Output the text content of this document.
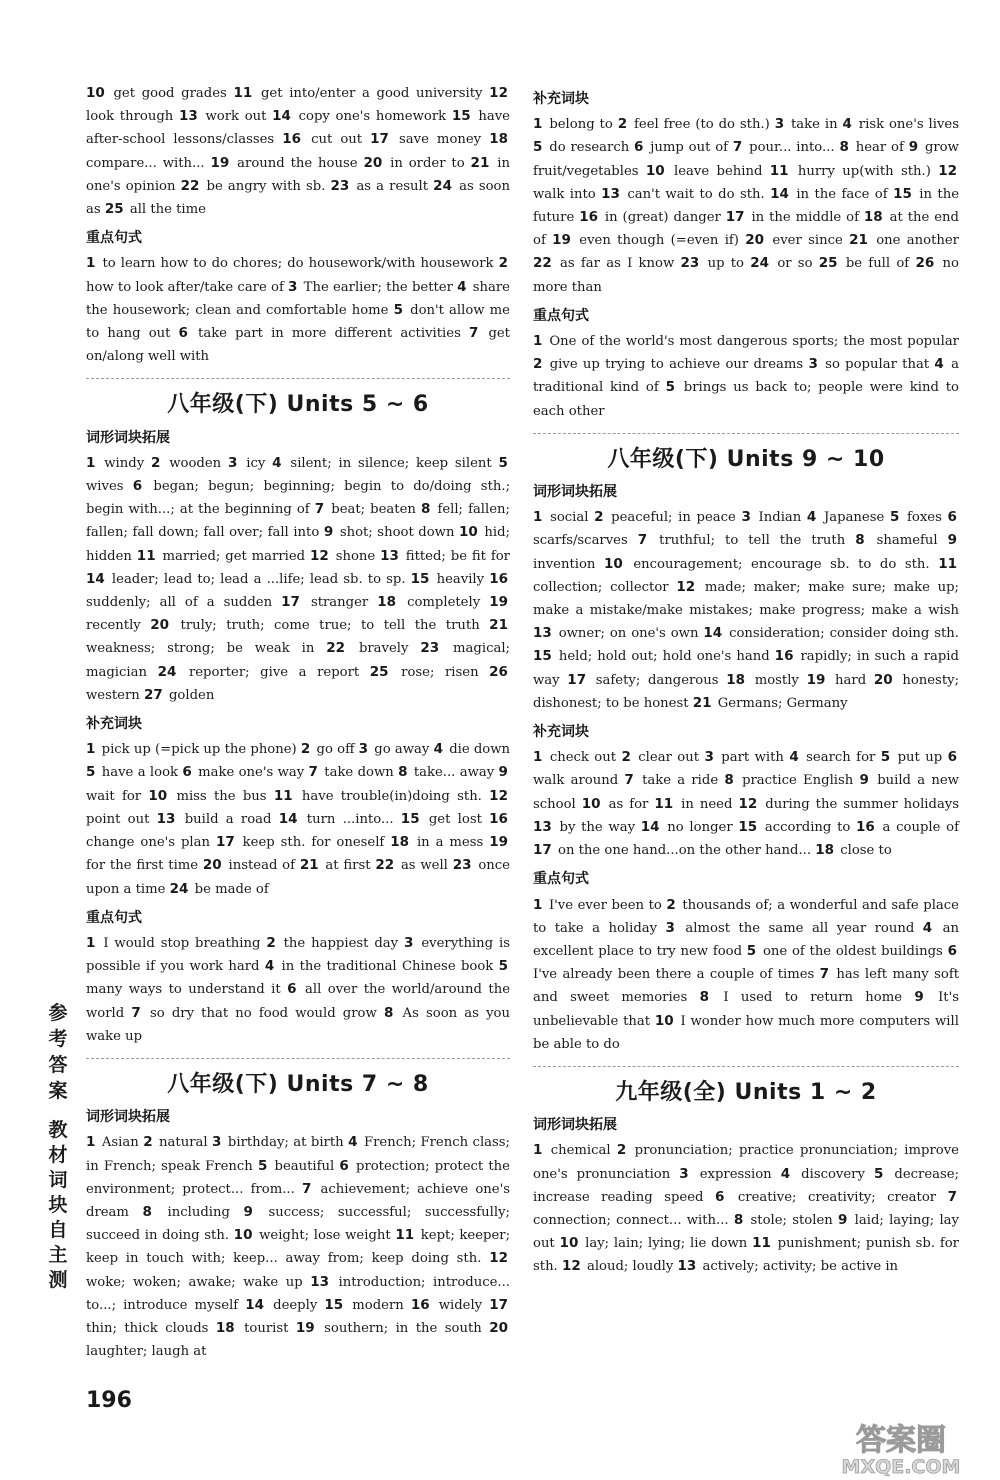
10 get good grades 11 get into/enter a good university 12 look through 13 work out 14 copy one's homework 15 have after-school lessons/classes 16 cut out 17 save money 18 compare... with... 19 around the house 20 in order to 21 in one's opinion 22 be angry with sb. 23 as a result 24 as soon as 25 all the time
重点句式
1 to learn how to do chores; do housework/with housework 2 how to look after/take care of 3 The earlier; the better 4 share the housework; clean and comfortable home 5 don't allow me to hang out 6 take part in more different activities 7 get on/along well with
八年级(下) Units 5 ~ 6
词形词块拓展
1 windy 2 wooden 3 icy 4 silent; in silence; keep silent 5 wives 6 began; begun; beginning; begin to do/doing sth.; begin with...; at the beginning of 7 beat; beaten 8 fell; fallen; fallen; fall down; fall over; fall into 9 shot; shoot down 10 hid; hidden 11 married; get married 12 shone 13 fitted; be fit for 14 leader; lead to; lead a ...life; lead sb. to sp. 15 heavily 16 suddenly; all of a sudden 17 stranger 18 completely 19 recently 20 truly; truth; come true; to tell the truth 21 weakness; strong; be weak in 22 bravely 23 magical; magician 24 reporter; give a report 25 rose; risen 26 western 27 golden
补充词块
1 pick up (=pick up the phone) 2 go off 3 go away 4 die down 5 have a look 6 make one's way 7 take down 8 take... away 9 wait for 10 miss the bus 11 have trouble(in)doing sth. 12 point out 13 build a road 14 turn ...into... 15 get lost 16 change one's plan 17 keep sth. for oneself 18 in a mess 19 for the first time 20 instead of 21 at first 22 as well 23 once upon a time 24 be made of
重点句式
1 I would stop breathing 2 the happiest day 3 everything is possible if you work hard 4 in the traditional Chinese book 5 many ways to understand it 6 all over the world/around the world 7 so dry that no food would grow 8 As soon as you wake up
八年级(下) Units 7 ~ 8
词形词块拓展
1 Asian 2 natural 3 birthday; at birth 4 French; French class; in French; speak French 5 beautiful 6 protection; protect the environment; protect... from... 7 achievement; achieve one's dream 8 including 9 success; successful; successfully; succeed in doing sth. 10 weight; lose weight 11 kept; keeper; keep in touch with; keep... away from; keep doing sth. 12 woke; woken; awake; wake up 13 introduction; introduce... to...; introduce myself 14 deeply 15 modern 16 widely 17 thin; thick clouds 18 tourist 19 southern; in the south 20 laughter; laugh at
补充词块
1 belong to 2 feel free (to do sth.) 3 take in 4 risk one's lives 5 do research 6 jump out of 7 pour... into... 8 hear of 9 grow fruit/vegetables 10 leave behind 11 hurry up(with sth.) 12 walk into 13 can't wait to do sth. 14 in the face of 15 in the future 16 in (great) danger 17 in the middle of 18 at the end of 19 even though (=even if) 20 ever since 21 one another 22 as far as I know 23 up to 24 or so 25 be full of 26 no more than
重点句式
1 One of the world's most dangerous sports; the most popular 2 give up trying to achieve our dreams 3 so popular that 4 a traditional kind of 5 brings us back to; people were kind to each other
八年级(下) Units 9 ~ 10
词形词块拓展
1 social 2 peaceful; in peace 3 Indian 4 Japanese 5 foxes 6 scarfs/scarves 7 truthful; to tell the truth 8 shameful 9 invention 10 encouragement; encourage sb. to do sth. 11 collection; collector 12 made; maker; make sure; make up; make a mistake/make mistakes; make progress; make a wish 13 owner; on one's own 14 consideration; consider doing sth. 15 held; hold out; hold one's hand 16 rapidly; in such a rapid way 17 safety; dangerous 18 mostly 19 hard 20 honesty; dishonest; to be honest 21 Germans; Germany
补充词块
1 check out 2 clear out 3 part with 4 search for 5 put up 6 walk around 7 take a ride 8 practice English 9 build a new school 10 as for 11 in need 12 during the summer holidays 13 by the way 14 no longer 15 according to 16 a couple of 17 on the one hand...on the other hand... 18 close to
重点句式
1 I've ever been to 2 thousands of; a wonderful and safe place to take a holiday 3 almost the same all year round 4 an excellent place to try new food 5 one of the oldest buildings 6 I've already been there a couple of times 7 has left many soft and sweet memories 8 I used to return home 9 It's unbelievable that 10 I wonder how much more computers will be able to do
九年级(全) Units 1 ~ 2
词形词块拓展
1 chemical 2 pronunciation; practice pronunciation; improve one's pronunciation 3 expression 4 discovery 5 decrease; increase reading speed 6 creative; creativity; creator 7 connection; connect... with... 8 stole; stolen 9 laid; laying; lay out 10 lay; lain; lying; lie down 11 punishment; punish sb. for sth. 12 aloud; loudly 13 actively; activity; be active in
参考答案
教材词块自主测
196
答案圈
MXQE.COM
